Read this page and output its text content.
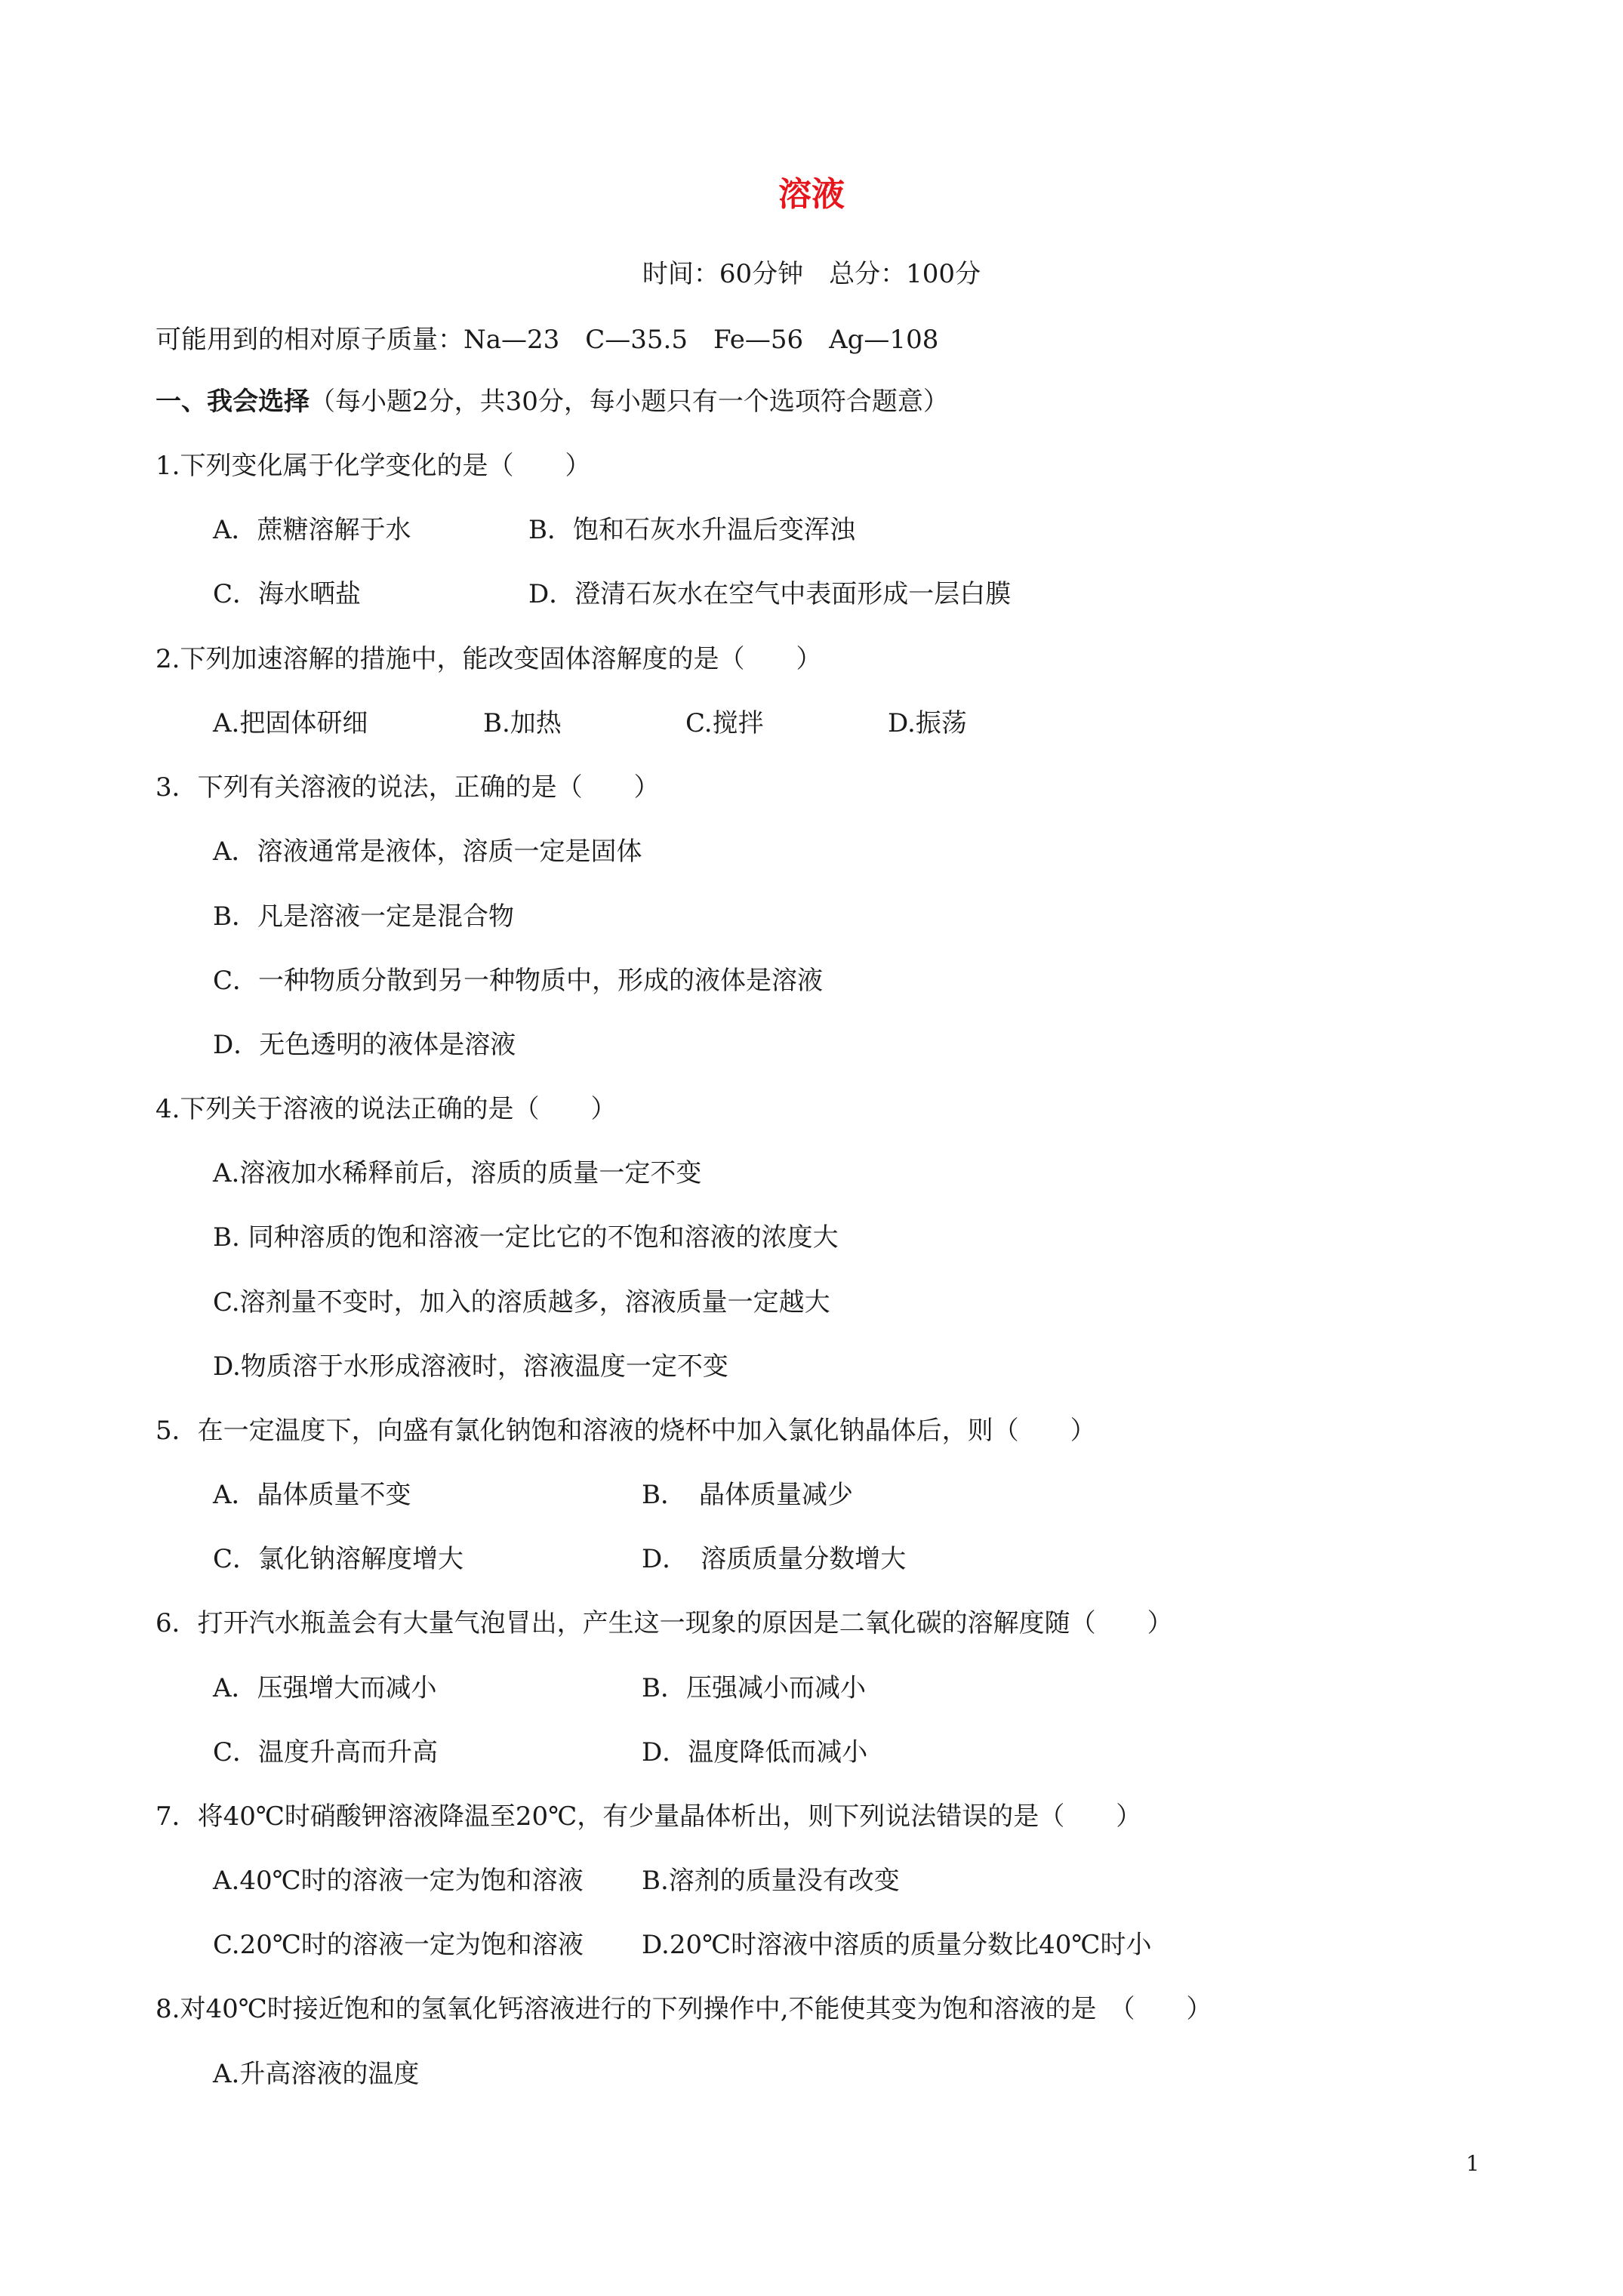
溶液
时间：60分钟　总分：100分
可能用到的相对原子质量：Na—23　C—35.5　Fe—56　Ag—108
一、我会选择（每小题2分，共30分，每小题只有一个选项符合题意）
1.下列变化属于化学变化的是（　　）
A．蔗糖溶解于水	B．饱和石灰水升温后变浑浊
C．海水晒盐	D．澄清石灰水在空气中表面形成一层白膜
2.下列加速溶解的措施中，能改变固体溶解度的是（　　）
A.把固体研细	B.加热	C.搅拌	D.振荡
3．下列有关溶液的说法，正确的是（　　）
A．溶液通常是液体，溶质一定是固体
B．凡是溶液一定是混合物
C．一种物质分散到另一种物质中，形成的液体是溶液
D．无色透明的液体是溶液
4.下列关于溶液的说法正确的是（　　）
A.溶液加水稀释前后，溶质的质量一定不变
B. 同种溶质的饱和溶液一定比它的不饱和溶液的浓度大
C.溶剂量不变时，加入的溶质越多，溶液质量一定越大
D.物质溶于水形成溶液时，溶液温度一定不变
5．在一定温度下，向盛有氯化钠饱和溶液的烧杯中加入氯化钠晶体后，则（　　）
A．晶体质量不变	B．　晶体质量减少
C．氯化钠溶解度增大	D．　溶质质量分数增大
6．打开汽水瓶盖会有大量气泡冒出，产生这一现象的原因是二氧化碳的溶解度随（　　）
A．压强增大而减小	B．压强减小而减小
C．温度升高而升高	D．温度降低而减小
7．将40℃时硝酸钾溶液降温至20℃，有少量晶体析出，则下列说法错误的是（　　）
A.40℃时的溶液一定为饱和溶液 B.溶剂的质量没有改变
C.20℃时的溶液一定为饱和溶液 D.20℃时溶液中溶质的质量分数比40℃时小
8.对40℃时接近饱和的氢氧化钙溶液进行的下列操作中,不能使其变为饱和溶液的是　（　　）
A.升高溶液的温度
1
